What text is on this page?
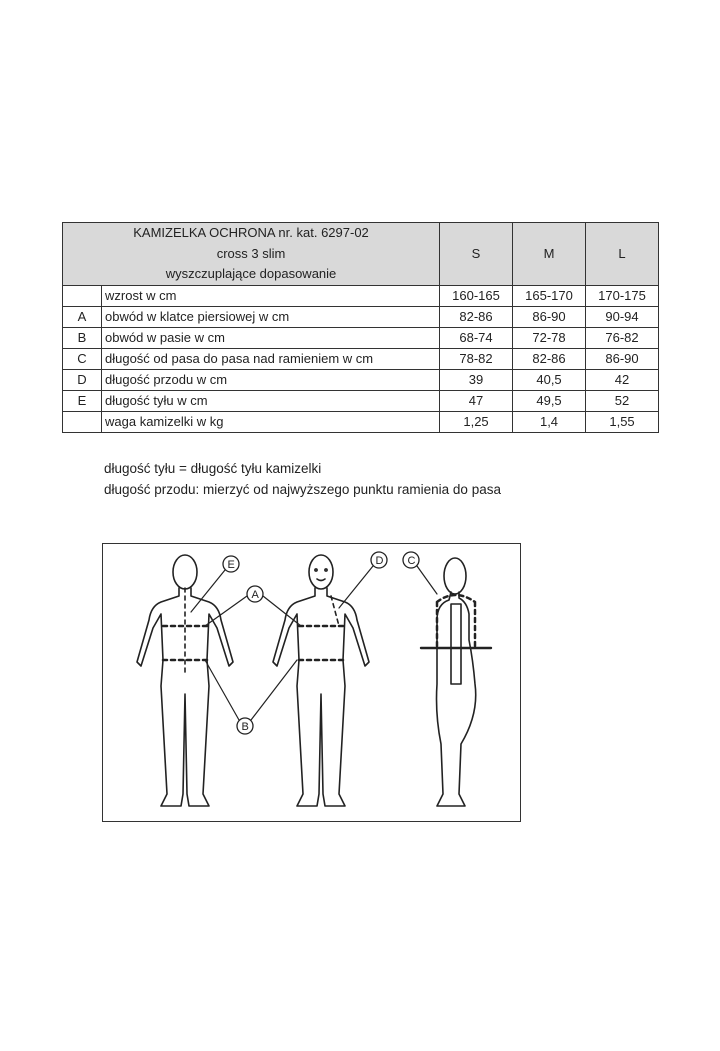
KAMIZELKA OCHRONA nr. kat. 6297-02
cross 3 slim
wyszczuplające dopasowanie		S	M	L
	wzrost w cm	160-165	165-170	170-175
A	obwód w klatce piersiowej w cm	82-86	86-90	90-94
B	obwód w pasie w cm	68-74	72-78	76-82
C	długość od pasa do pasa nad ramieniem w cm	78-82	82-86	86-90
D	długość przodu w cm	39	40,5	42
E	długość tyłu w cm	47	49,5	52
	waga kamizelki w kg	1,25	1,4	1,55
długość tyłu = długość tyłu kamizelki
długość przodu: mierzyć od najwyższego punktu ramienia do pasa
E
A
D C
B
